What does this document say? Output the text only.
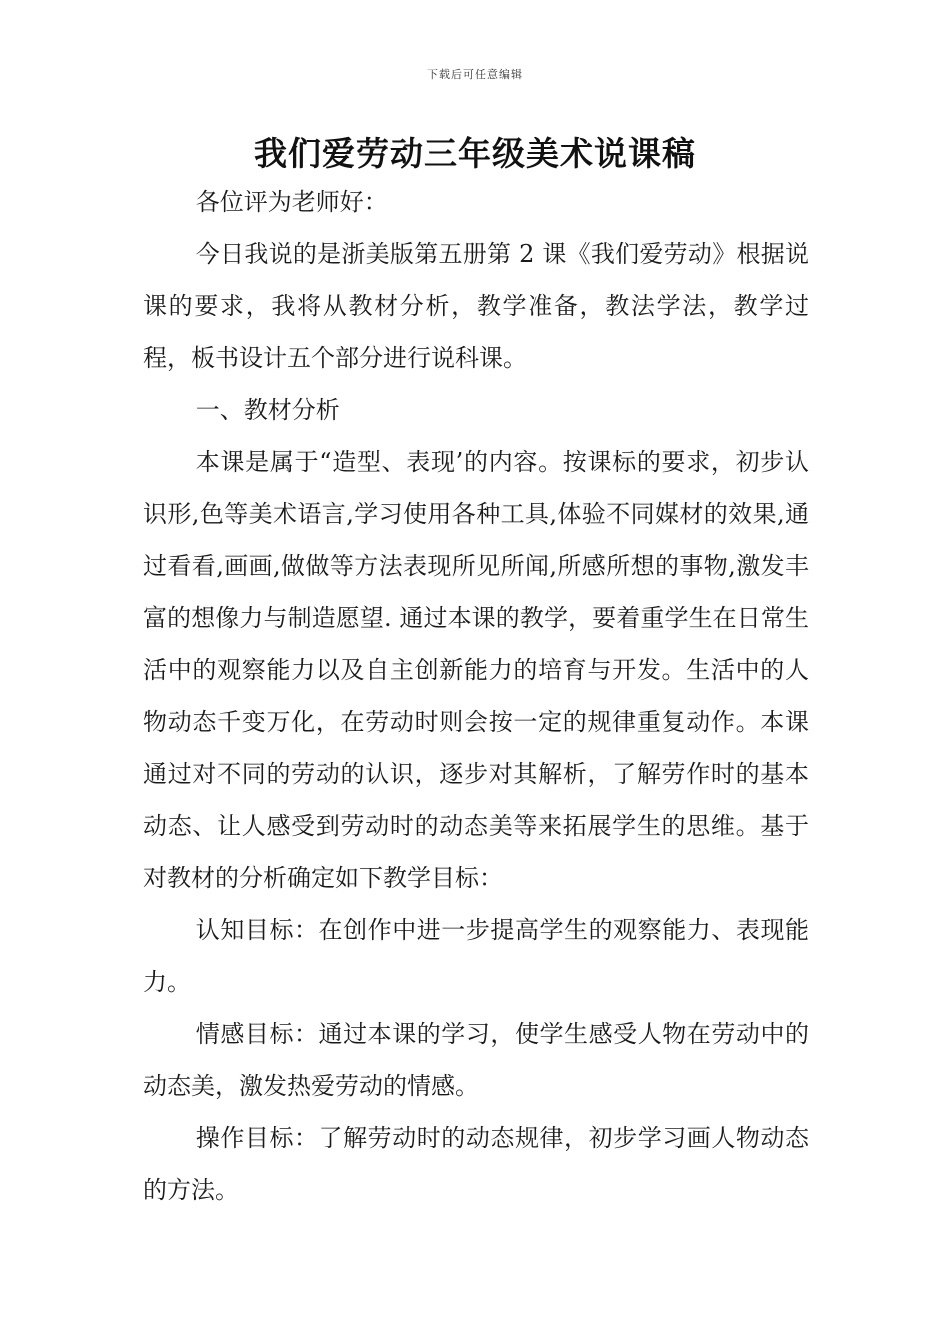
下载后可任意编辑
我们爱劳动三年级美术说课稿

各位评为老师好：

今日我说的是浙美版第五册第 2 课《我们爱劳动》根据说课的要求，我将从教材分析，教学准备，教法学法，教学过程，板书设计五个部分进行说科课。

一、教材分析

本课是属于“造型、表现’的内容。按课标的要求，初步认识形,色等美术语言,学习使用各种工具,体验不同媒材的效果,通过看看,画画,做做等方法表现所见所闻,所感所想的事物,激发丰富的想像力与制造愿望. 通过本课的教学，要着重学生在日常生活中的观察能力以及自主创新能力的培育与开发。生活中的人物动态千变万化，在劳动时则会按一定的规律重复动作。本课通过对不同的劳动的认识，逐步对其解析，了解劳作时的基本动态、让人感受到劳动时的动态美等来拓展学生的思维。基于对教材的分析确定如下教学目标：

认知目标：在创作中进一步提高学生的观察能力、表现能力。

情感目标：通过本课的学习，使学生感受人物在劳动中的动态美，激发热爱劳动的情感。

操作目标：了解劳动时的动态规律，初步学习画人物动态的方法。
